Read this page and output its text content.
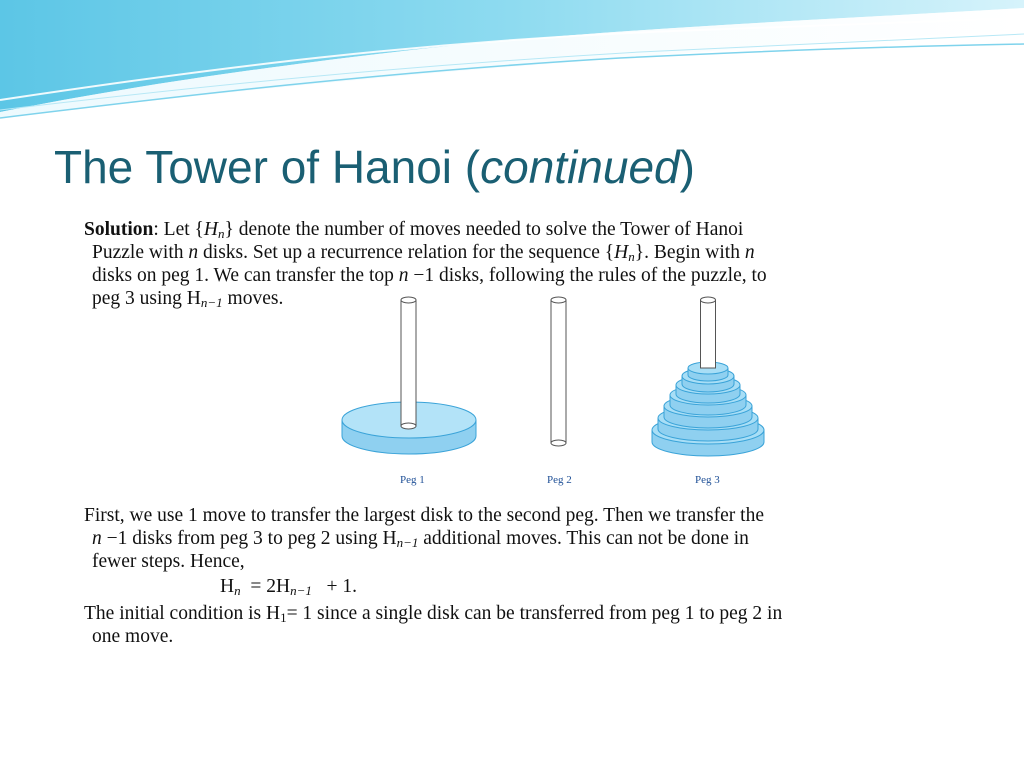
The Tower of Hanoi (continued)
Solution: Let $\{H_n\}$ denote the number of moves needed to solve the Tower of Hanoi
Puzzle with n disks. Set up a recurrence relation for the sequence $\{H_n\}$. Begin with n
disks on peg 1. We can transfer the top n −1 disks, following the rules of the puzzle, to
peg 3 using $H_{n-1}$ moves.
Peg 1	Peg 2	Peg 3
First, we use 1 move to transfer the largest disk to the second peg. Then we transfer the
n −1 disks from peg 3 to peg 2 using $H_{n-1}$ additional moves. This can not be done in
fewer steps. Hence,
$H_n = 2H_{n-1} + 1$.
The initial condition is $H_1= 1$ since a single disk can be transferred from peg 1 to peg 2 in
one move.
